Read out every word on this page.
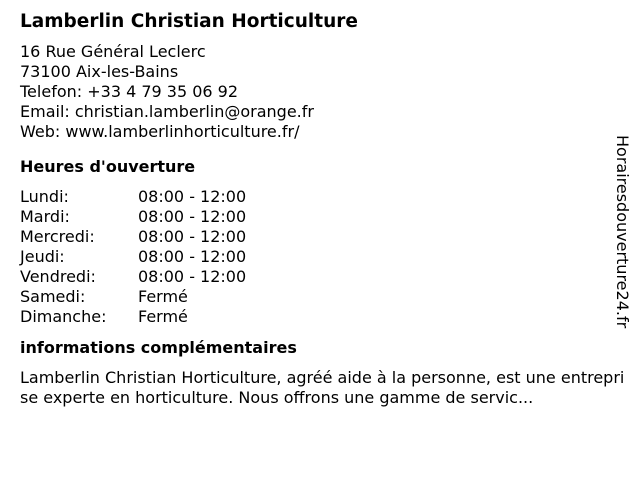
Lamberlin Christian Horticulture
16 Rue Général Leclerc
73100 Aix-les-Bains
Telefon: +33 4 79 35 06 92
Email: christian.lamberlin@orange.fr
Web: www.lamberlinhorticulture.fr/
Heures d'ouverture
Lundi:	08:00 - 12:00
Mardi:	08:00 - 12:00
Mercredi:	08:00 - 12:00
Jeudi:	08:00 - 12:00
Vendredi:	08:00 - 12:00
Samedi:	Fermé
Dimanche:	Fermé
informations complémentaires
Lamberlin Christian Horticulture, agréé aide à la personne, est une entreprise experte en horticulture. Nous offrons une gamme de servic...
Horairesdouverture24.fr
